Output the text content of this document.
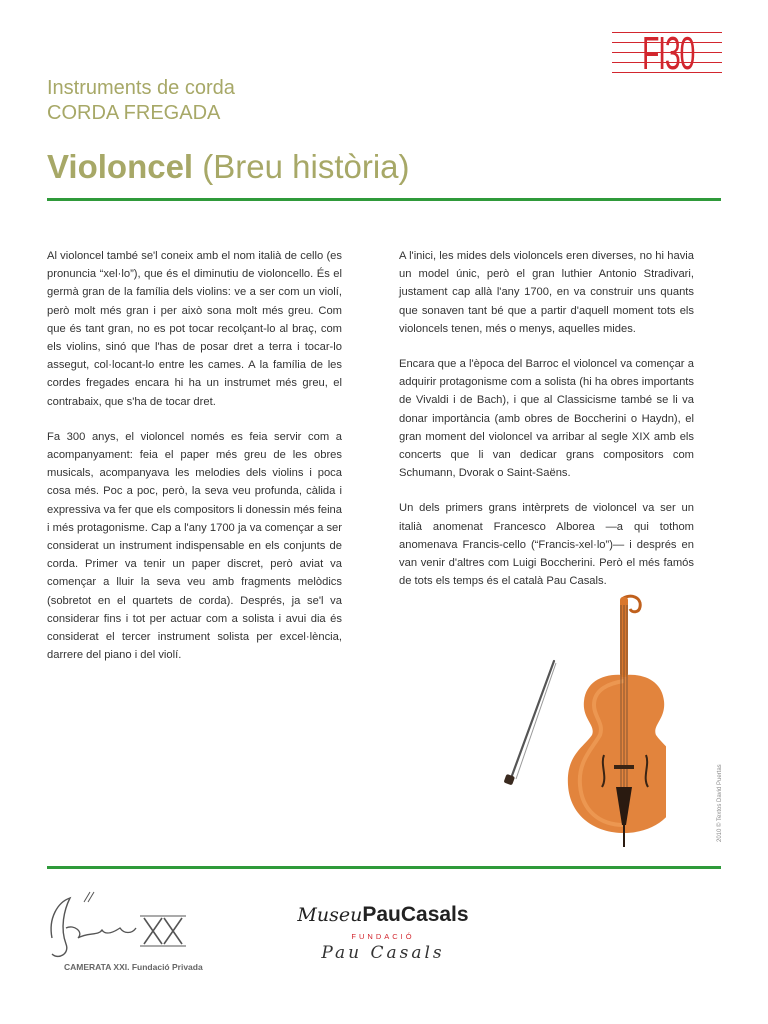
FI30
Instruments de corda
CORDA FREGADA
Violoncel (Breu història)

Al violoncel també se'l coneix amb el nom italià de cello (es pronuncia “xel·lo”), que és el diminutiu de violoncello. És el germà gran de la família dels violins: ve a ser com un violí, però molt més gran i per això sona molt més greu. Com que és tant gran, no es pot tocar recolçant-lo al braç, com els violins, sinó que l'has de posar dret a terra i tocar-lo assegut, col·locant-lo entre les cames. A la família de les cordes fregades encara hi ha un instrumet més greu, el contrabaix, que s'ha de tocar dret.

Fa 300 anys, el violoncel només es feia servir com a acompanyament: feia el paper més greu de les obres musicals, acompanyava les melodies dels violins i poca cosa més. Poc a poc, però, la seva veu profunda, càlida i expressiva va fer que els compositors li donessin més feina i més protagonisme. Cap a l'any 1700 ja va començar a ser considerat un instrument indispensable en els conjunts de corda. Primer va tenir un paper discret, però aviat va començar a lluir la seva veu amb fragments melòdics (sobretot en el quartets de corda). Després, ja se'l va considerar fins i tot per actuar com a solista i avui dia és considerat el tercer instrument solista per excel·lència, darrere del piano i del violí.

A l'inici, les mides dels violoncels eren diverses, no hi havia un model únic, però el gran luthier Antonio Stradivari, justament cap allà l'any 1700, en va construir uns quants que sonaven tant bé que a partir d'aquell moment tots els violoncels tenen, més o menys, aquelles mides.

Encara que a l'època del Barroc el violoncel va començar a adquirir protagonisme com a solista (hi ha obres importants de Vivaldi i de Bach), i que al Classicisme també se li va donar importància (amb obres de Boccherini o Haydn), el gran moment del violoncel va arribar al segle XIX amb els concerts que li van dedicar grans compositors com Schumann, Dvorak o Saint-Saëns.

Un dels primers grans intèrprets de violoncel va ser un italià anomenat Francesco Alborea —a qui tothom anomenava Francis-cello (“Francis-xel·lo”)— i després en van venir d'altres com Luigi Boccherini. Però el més famós de tots els temps és el català Pau Casals.

2010 © Textos David Puertas
CAMERATA XXI. Fundació Privada
MuseuPauCasals
FUNDACIÓ
Pau Casals
